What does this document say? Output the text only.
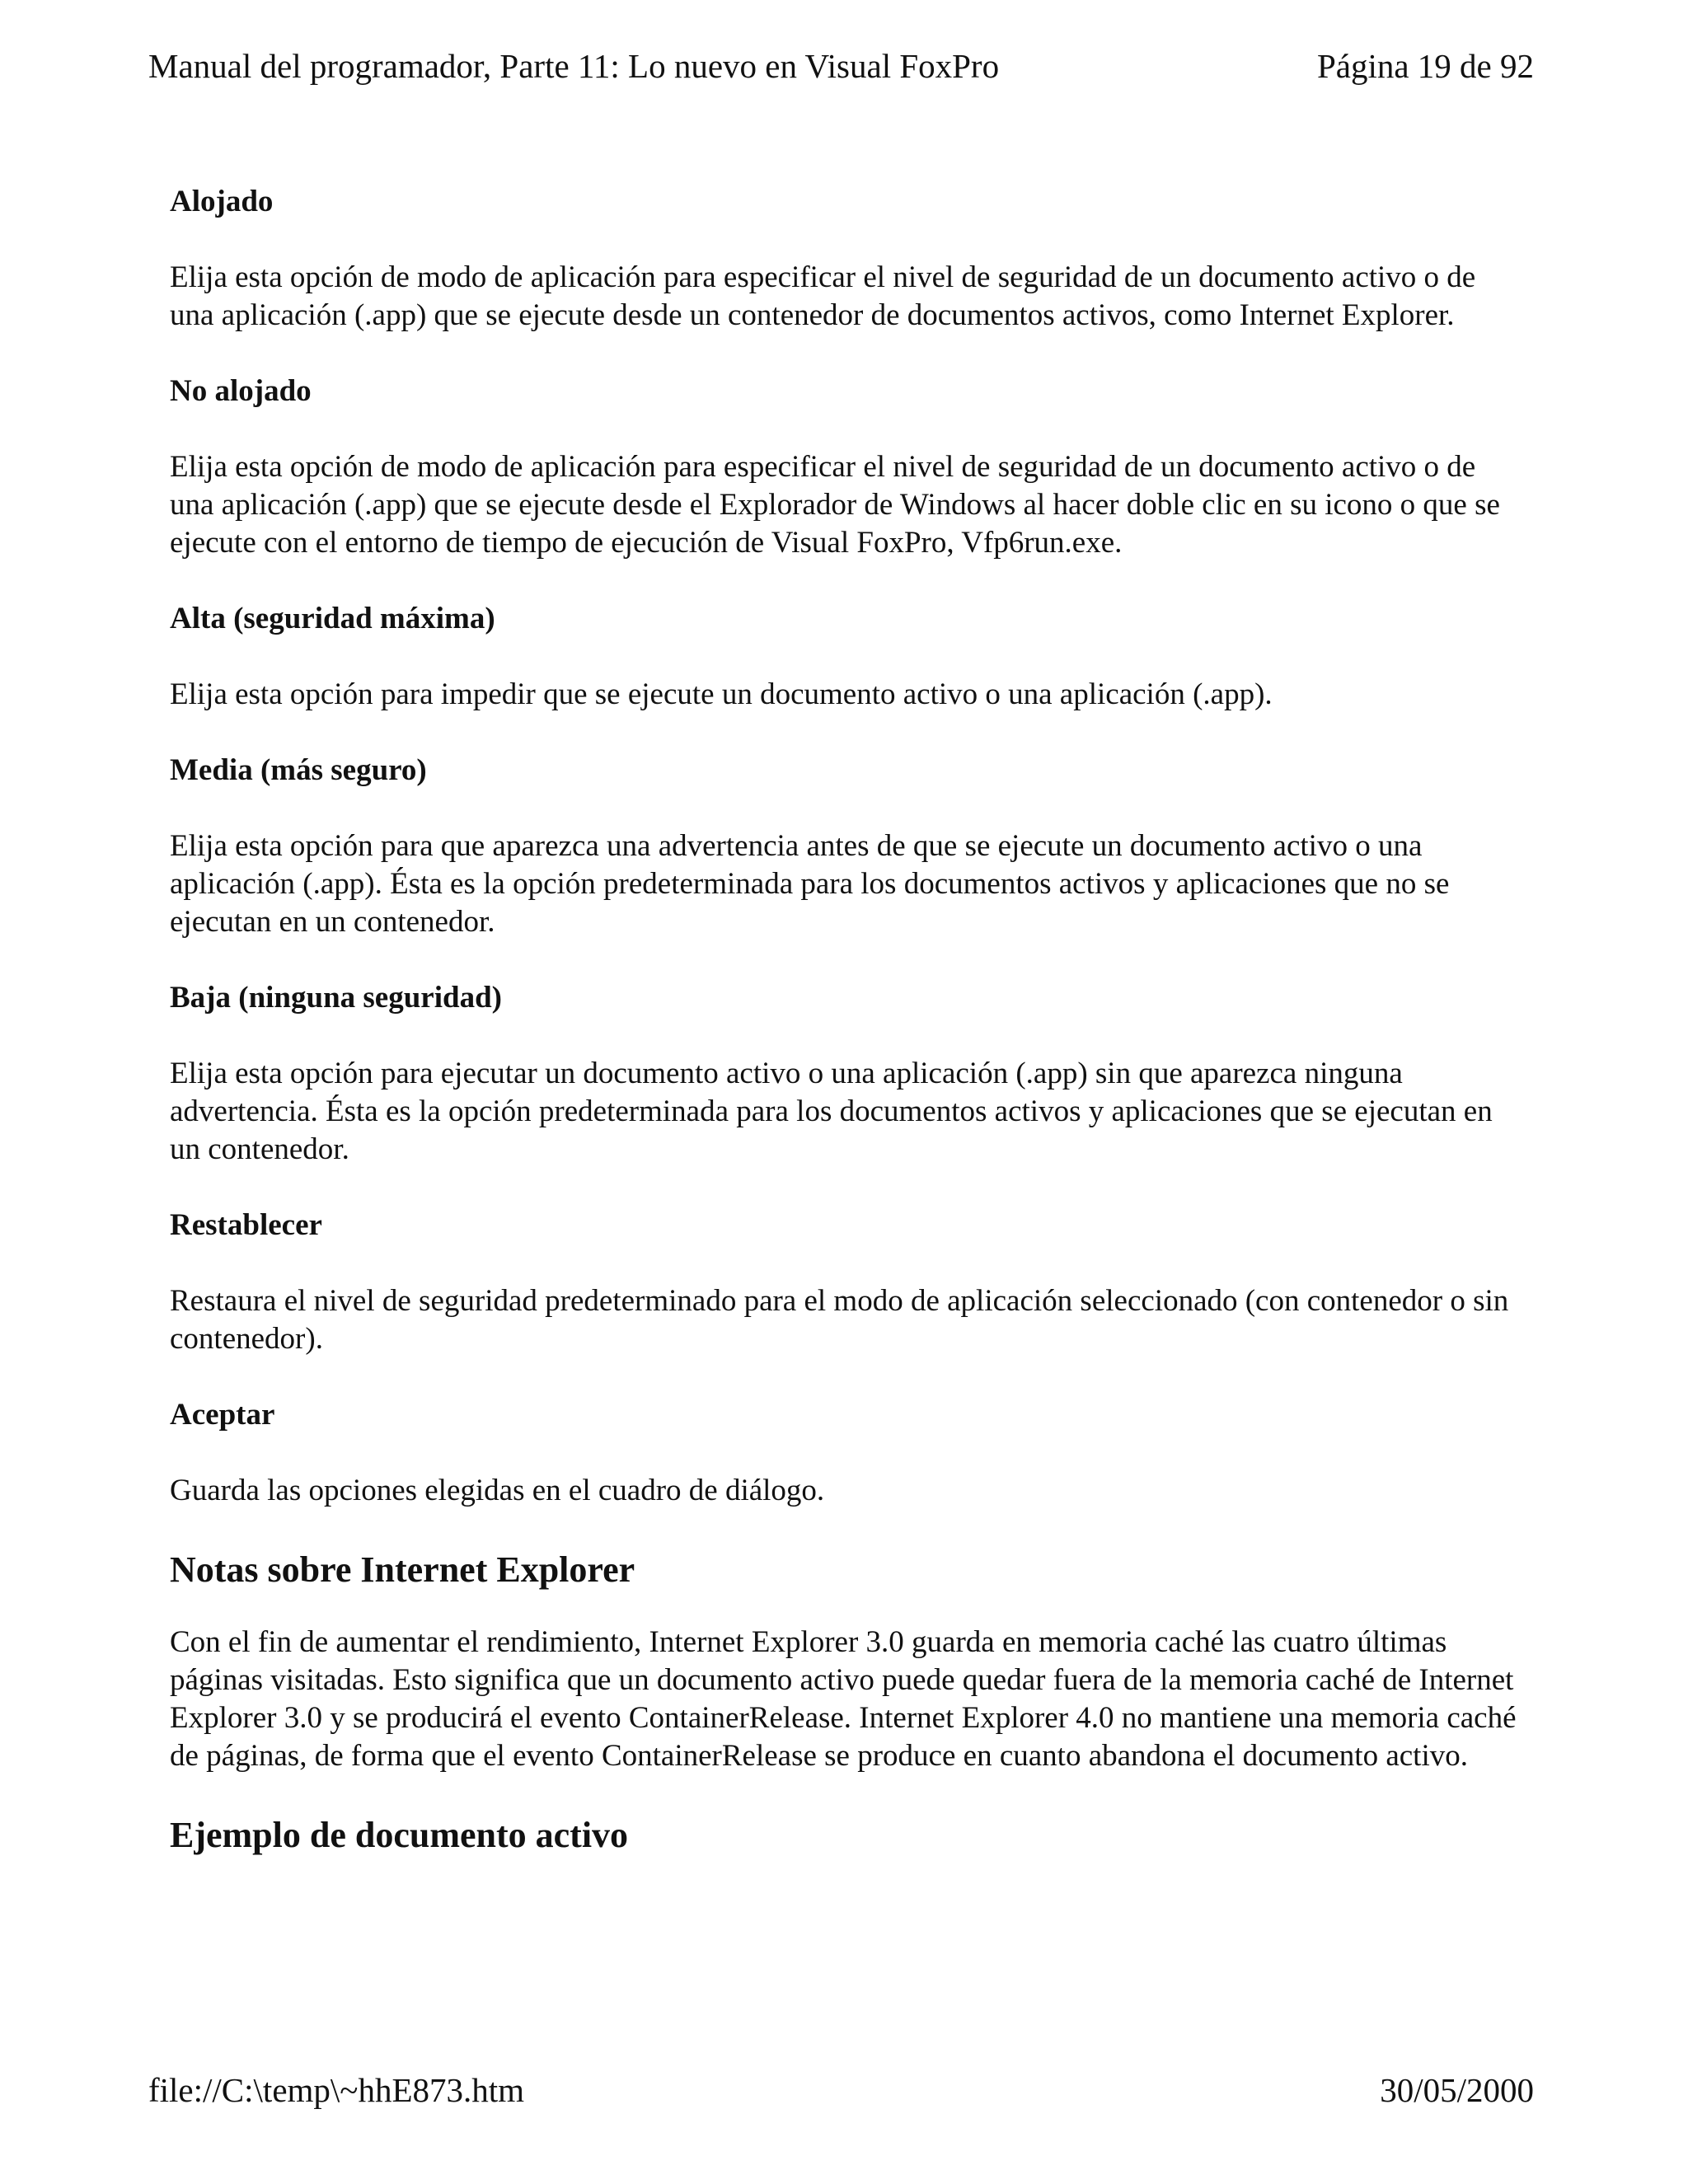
Manual del programador, Parte 11: Lo nuevo en Visual FoxPro	Página 19 de 92
Alojado
Elija esta opción de modo de aplicación para especificar el nivel de seguridad de un documento activo o de una aplicación (.app) que se ejecute desde un contenedor de documentos activos, como Internet Explorer.
No alojado
Elija esta opción de modo de aplicación para especificar el nivel de seguridad de un documento activo o de una aplicación (.app) que se ejecute desde el Explorador de Windows al hacer doble clic en su icono o que se ejecute con el entorno de tiempo de ejecución de Visual FoxPro, Vfp6run.exe.
Alta (seguridad máxima)
Elija esta opción para impedir que se ejecute un documento activo o una aplicación (.app).
Media (más seguro)
Elija esta opción para que aparezca una advertencia antes de que se ejecute un documento activo o una aplicación (.app). Ésta es la opción predeterminada para los documentos activos y aplicaciones que no se ejecutan en un contenedor.
Baja (ninguna seguridad)
Elija esta opción para ejecutar un documento activo o una aplicación (.app) sin que aparezca ninguna advertencia. Ésta es la opción predeterminada para los documentos activos y aplicaciones que se ejecutan en un contenedor.
Restablecer
Restaura el nivel de seguridad predeterminado para el modo de aplicación seleccionado (con contenedor o sin contenedor).
Aceptar
Guarda las opciones elegidas en el cuadro de diálogo.
Notas sobre Internet Explorer
Con el fin de aumentar el rendimiento, Internet Explorer 3.0 guarda en memoria caché las cuatro últimas páginas visitadas. Esto significa que un documento activo puede quedar fuera de la memoria caché de Internet Explorer 3.0 y se producirá el evento ContainerRelease. Internet Explorer 4.0 no mantiene una memoria caché de páginas, de forma que el evento ContainerRelease se produce en cuanto abandona el documento activo.
Ejemplo de documento activo
file://C:\temp\~hhE873.htm	30/05/2000
